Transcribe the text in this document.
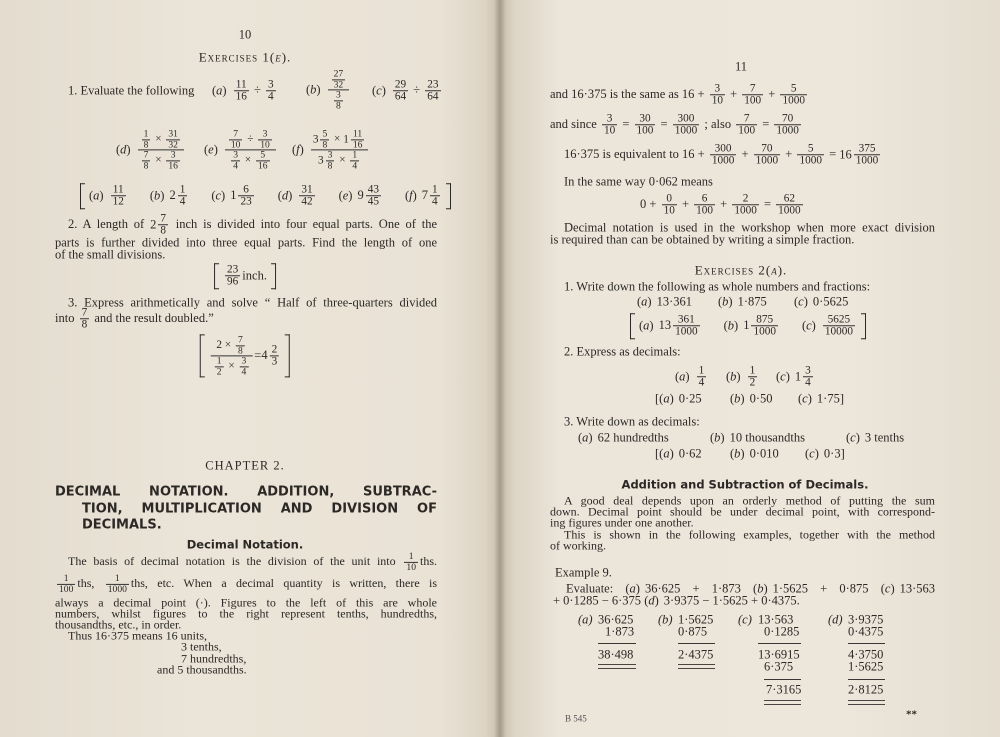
10
Exercises 1(e).
1. Evaluate the following $(a) \frac{11}{16} \div \frac{3}{4} (b) \frac{\frac{27}{32}}{\frac{3}{8}} (c) \frac{29}{64} \div \frac{23}{64}$
$(d) \frac{\frac{1}{8} \times \frac{31}{32}}{\frac{7}{8} \times \frac{3}{16}} (e) \frac{\frac{7}{10} \div \frac{3}{10}}{\frac{3}{4} \times \frac{5}{16}} (f) \frac{3 \frac{5}{8} \times 1 \frac{11}{16}}{3 \frac{3}{8} \times \frac{1}{4}}$
$(a) \frac{11}{12} (b)$ $2 \frac{1}{4} (c)$ $1 \frac{6}{23} (d) \frac{31}{42} (e)$ $9 \frac{43}{45} (f)$ $7 \frac{1}{4}$
2. A length of $2 \frac{7}{8}$ inch is divided into four equal parts. One of the
parts is further divided into three equal parts. Find the length of one
of the small divisions.
$\frac{23}{96}$ inch.
3. Express arithmetically and solve “ Half of three-quarters divided
into $\frac{7}{8}$ and the result doubled.”
$\frac{2 \times \frac{7}{8}}{\frac{1}{2} \times \frac{3}{4}} = 4 \frac{2}{3}$
CHAPTER 2.
DECIMAL NOTATION. ADDITION, SUBTRAC-
TION, MULTIPLICATION AND DIVISION OF
DECIMALS.
Decimal Notation.
The basis of decimal notation is the division of the unit into $\frac{1}{10}$ ths.
$\frac{1}{100}$ ths, $\frac{1}{1000}$ ths, etc. When a decimal quantity is written, there is
always a decimal point (·). Figures to the left of this are whole
numbers, whilst figures to the right represent tenths, hundredths,
thousandths, etc., in order.
Thus 16·375 means 16 units,
3 tenths,
7 hundredths,
and 5 thousandths.
11
and 16·375 is the same as $16 + \frac{3}{10} + \frac{7}{100} + \frac{5}{1000}$
and since $\frac{3}{10} = \frac{30}{100} = \frac{300}{1000}$ ; also $\frac{7}{100} = \frac{70}{1000}$
16·375 is equivalent to $16 + \frac{300}{1000} + \frac{70}{1000} + \frac{5}{1000} = 16 \frac{375}{1000}$
In the same way 0·062 means
$0 + \frac{0}{10} + \frac{6}{100} + \frac{2}{1000} = \frac{62}{1000}$
Decimal notation is used in the workshop when more exact division
is required than can be obtained by writing a simple fraction.
Exercises 2(a).
1. Write down the following as whole numbers and fractions:
(a) 13·361 (b) 1·875 (c) 0·5625
(a) $13 \frac{361}{1000} (b)$ $1 \frac{875}{1000} (c) \frac{5625}{10000}$
2. Express as decimals:
$(a) \frac{1}{4} (b) \frac{1}{2} (c)$ $1 \frac{3}{4}$
[(a) 0·25 (b) 0·50 (c) 1·75]
3. Write down as decimals:
(a) 62 hundredths	(b) 10 thousandths	(c) 3 tenths
[(a) 0·62 (b) 0·010 (c) 0·3]
Addition and Subtraction of Decimals.
A good deal depends upon an orderly method of putting the sum
down. Decimal point should be under decimal point, with correspond-
ing figures under one another.
This is shown in the following examples, together with the method
of working.
Example 9.
Evaluate: (a) 36·625 + 1·873 (b) 1·5625 + 0·875 (c) 13·563
+ 0·1285 − 6·375 (d) 3·9375 − 1·5625 + 0·4375.
(a) 36·625
1·873
38·498
(b) 1·5625
0·875
2·4375
(c) 13·563
0·1285
13·6915
6·375
7·3165
(d) 3·9375
0·4375
4·3750
1·5625
2·8125
B 545	**
